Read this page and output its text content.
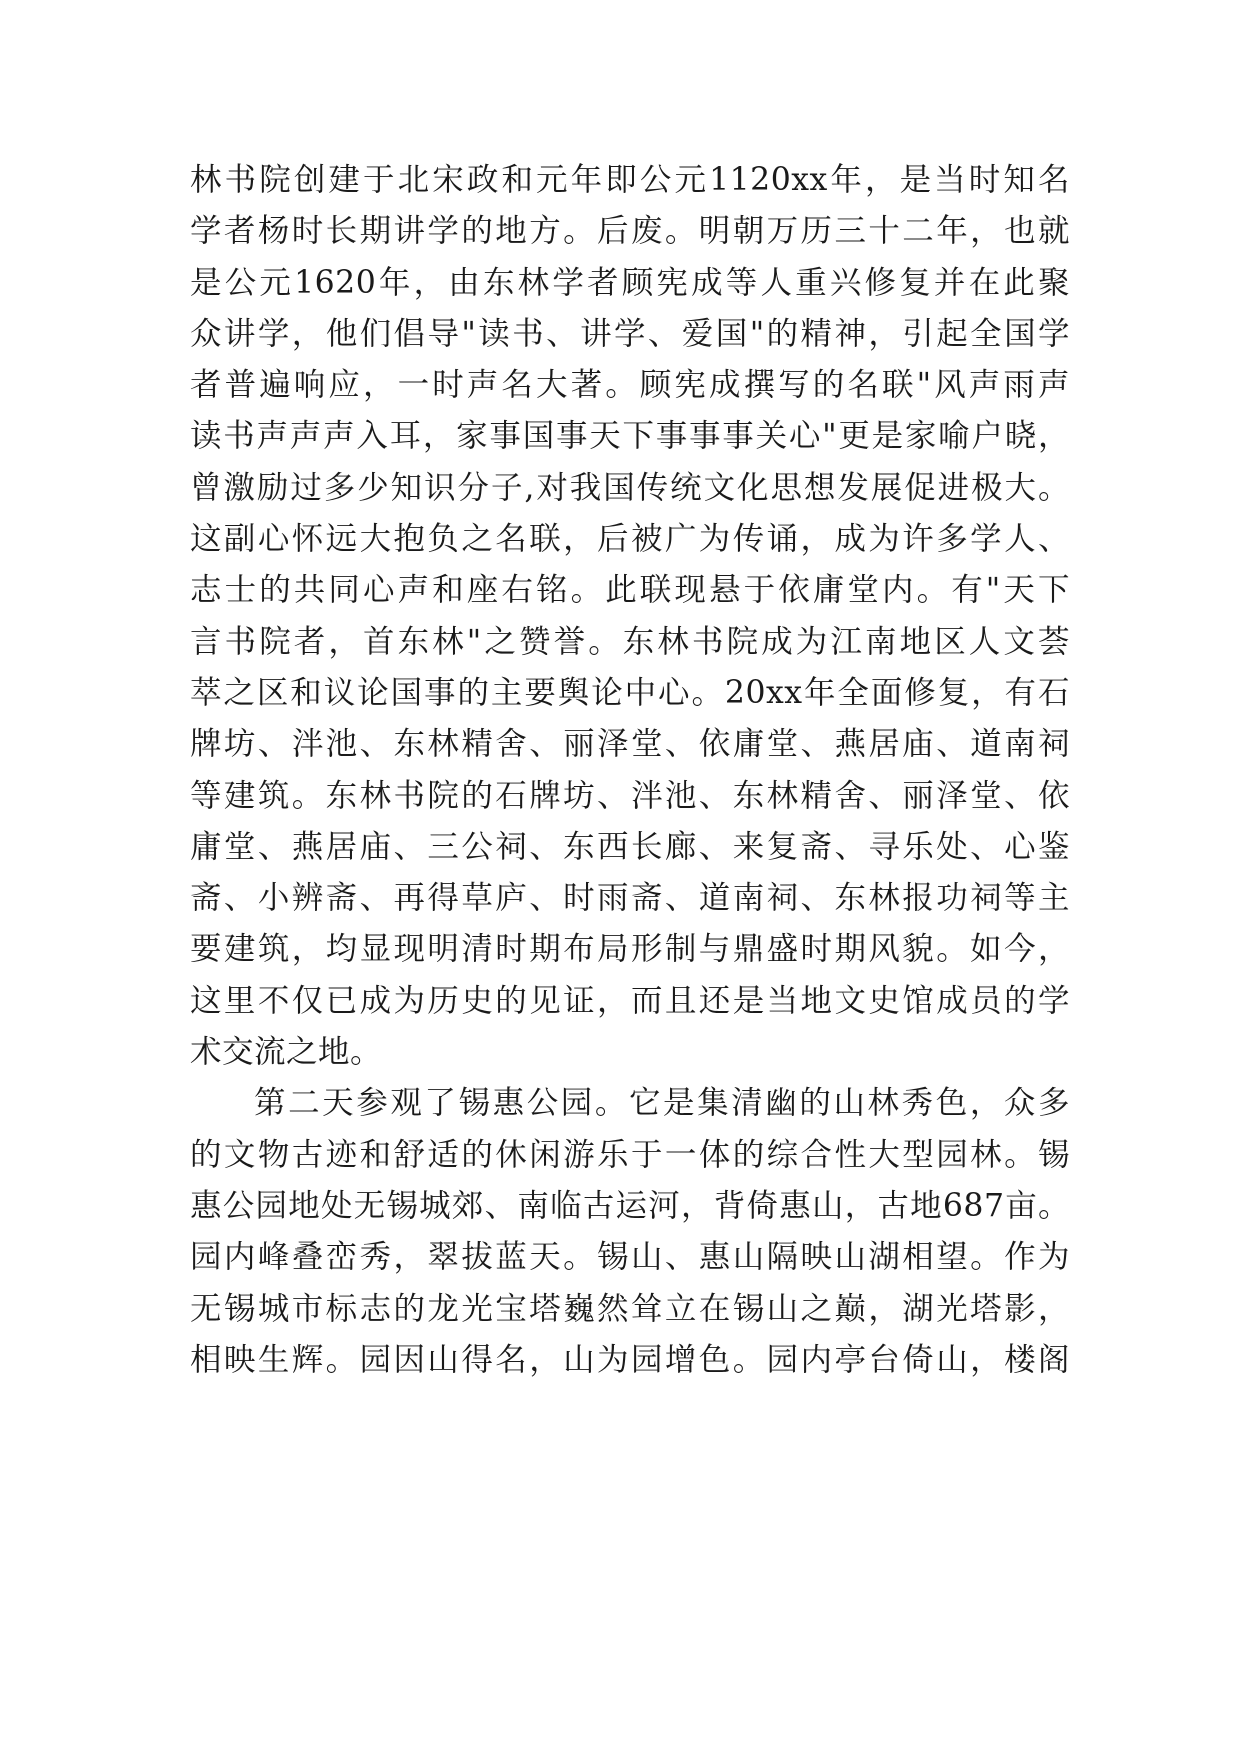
林书院创建于北宋政和元年即公元1120xx年，是当时知名
学者杨时长期讲学的地方。后废。明朝万历三十二年，也就
是公元1620年，由东林学者顾宪成等人重兴修复并在此聚
众讲学，他们倡导"读书、讲学、爱国"的精神，引起全国学
者普遍响应，一时声名大著。顾宪成撰写的名联"风声雨声
读书声声声入耳，家事国事天下事事事关心"更是家喻户晓，
曾激励过多少知识分子,对我国传统文化思想发展促进极大。
这副心怀远大抱负之名联，后被广为传诵，成为许多学人、
志士的共同心声和座右铭。此联现悬于依庸堂内。有"天下
言书院者，首东林"之赞誉。东林书院成为江南地区人文荟
萃之区和议论国事的主要舆论中心。20xx年全面修复，有石
牌坊、泮池、东林精舍、丽泽堂、依庸堂、燕居庙、道南祠
等建筑。东林书院的石牌坊、泮池、东林精舍、丽泽堂、依
庸堂、燕居庙、三公祠、东西长廊、来复斋、寻乐处、心鉴
斋、小辨斋、再得草庐、时雨斋、道南祠、东林报功祠等主
要建筑，均显现明清时期布局形制与鼎盛时期风貌。如今，
这里不仅已成为历史的见证，而且还是当地文史馆成员的学
术交流之地。
第二天参观了锡惠公园。它是集清幽的山林秀色，众多
的文物古迹和舒适的休闲游乐于一体的综合性大型园林。锡
惠公园地处无锡城郊、南临古运河，背倚惠山，古地687亩。
园内峰叠峦秀，翠拔蓝天。锡山、惠山隔映山湖相望。作为
无锡城市标志的龙光宝塔巍然耸立在锡山之巅，湖光塔影，
相映生辉。园因山得名，山为园增色。园内亭台倚山，楼阁
